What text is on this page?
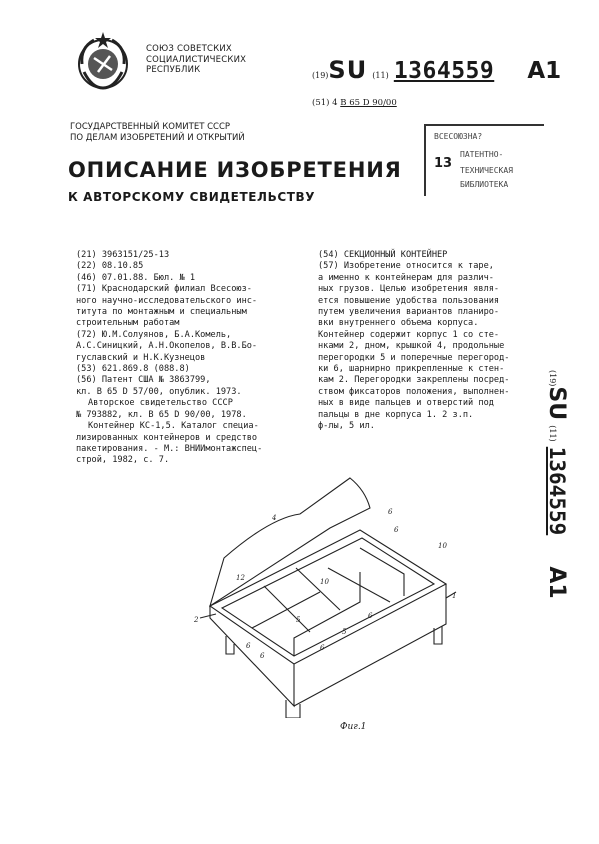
СОЮЗ СОВЕТСКИХ
СОЦИАЛИСТИЧЕСКИХ
РЕСПУБЛИК
(19)SU (11) 1364559 A1
(51) 4 B 65 D 90/00
ГОСУДАРСТВЕННЫЙ КОМИТЕТ СССР
ПО ДЕЛАМ ИЗОБРЕТЕНИЙ И ОТКРЫТИЙ
ОПИСАНИЕ ИЗОБРЕТЕНИЯ
К АВТОРСКОМУ СВИДЕТЕЛЬСТВУ
ВСЕСОЮЗНА?
13
ПАТЕНТНО-
ТЕХНИЧЕСКАЯ
БИБЛИОТЕКА

(21) 3963151/25-13

(22) 08.10.85

(46) 07.01.88. Бюл. № 1

(71) Краснодарский филиал Всесоюз-

ного научно-исследовательского инс-

титута по монтажным и специальным

строительным работам

(72) Ю.М.Солуянов, Б.А.Комель,

А.С.Синицкий, А.Н.Окопелов, В.В.Бо-

гуславский и Н.К.Кузнецов

(53) 621.869.8 (088.8)

(56) Патент США № 3863799,

кл. B 65 D 57/00, опублик. 1973.

Авторское свидетельство СССР

№ 793882, кл. B 65 D 90/00, 1978.

Контейнер КС-1,5. Каталог специа-

лизированных контейнеров и средство

пакетирования. - М.: ВНИИмонтажспец-

строй, 1982, с. 7.

(54) СЕКЦИОННЫЙ КОНТЕЙНЕР

(57) Изобретение относится к таре,

а именно к контейнерам для различ-

ных грузов. Целью изобретения явля-

ется повышение удобства пользования

путем увеличения вариантов планиро-

вки внутреннего объема корпуса.

Контейнер содержит корпус 1 со сте-

нками 2, дном, крышкой 4, продольные

перегородки 5 и поперечные перегород-

ки 6, шарнирно прикрепленные к стен-

кам 2. Перегородки закреплены посред-

ством фиксаторов положения, выполнен-

ных в виде пальцев и отверстий под

пальцы в дне корпуса 1. 2 з.п.

ф-лы, 5 ил.

(19)SU (11) 1364559 A1
4
6
6
10
12
2
1
5
6
6
10
5
6
6
Фиг.1
